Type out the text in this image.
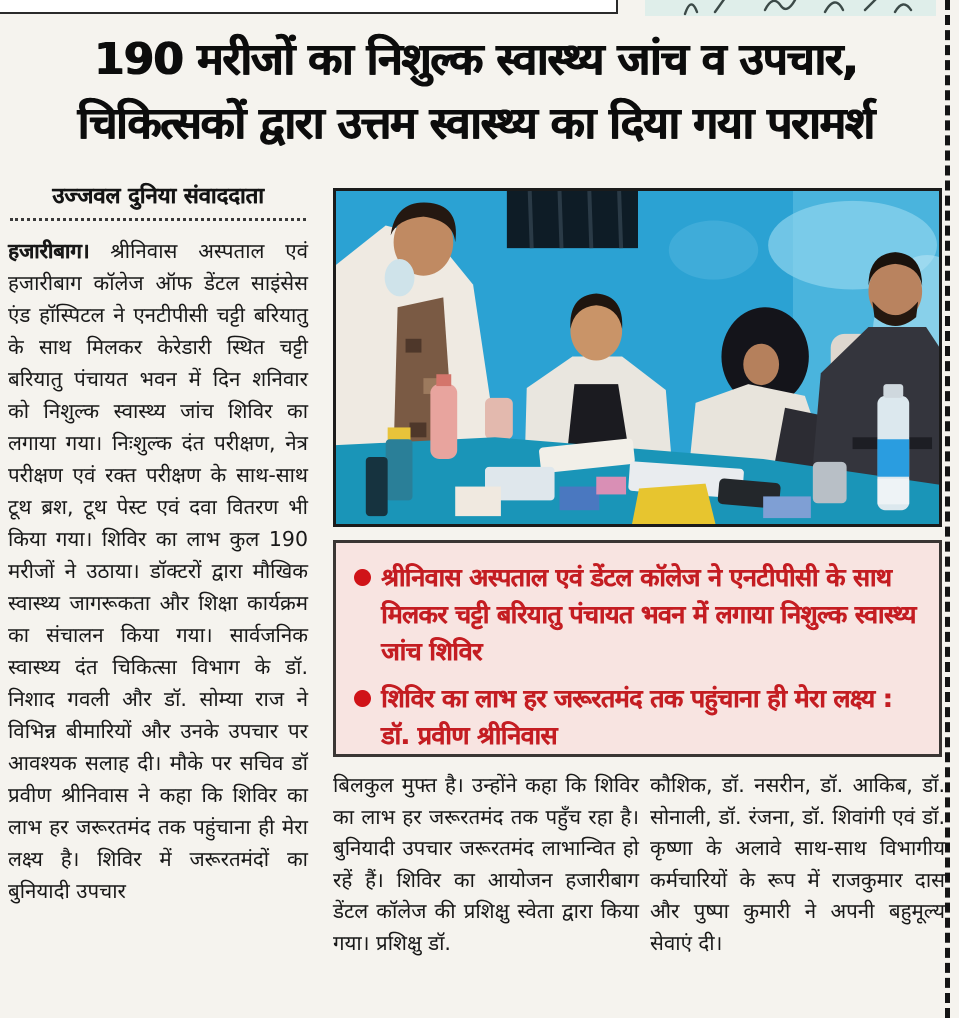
190 मरीजों का निशुल्क स्वास्थ्य जांच व उपचार,
चिकित्सकों द्वारा उत्तम स्वास्थ्य का दिया गया परामर्श
उज्जवल दुनिया संवाददाता
हजारीबाग। श्रीनिवास अस्पताल एवं हजारीबाग कॉलेज ऑफ डेंटल साइंसेस एंड हॉस्पिटल ने एनटीपीसी चट्टी बरियातु के साथ मिलकर केरेडारी स्थित चट्टी बरियातु पंचायत भवन में दिन शनिवार को निशुल्क स्वास्थ्य जांच शिविर का लगाया गया। निःशुल्क दंत परीक्षण, नेत्र परीक्षण एवं रक्त परीक्षण के साथ-साथ टूथ ब्रश, टूथ पेस्ट एवं दवा वितरण भी किया गया। शिविर का लाभ कुल 190 मरीजों ने उठाया। डॉक्टरों द्वारा मौखिक स्वास्थ्य जागरूकता और शिक्षा कार्यक्रम का संचालन किया गया। सार्वजनिक स्वास्थ्य दंत चिकित्सा विभाग के डॉ. निशाद गवली और डॉ. सोम्या राज ने विभिन्न बीमारियों और उनके उपचार पर आवश्यक सलाह दी। मौके पर सचिव डॉ प्रवीण श्रीनिवास ने कहा कि शिविर का लाभ हर जरूरतमंद तक पहुंचाना ही मेरा लक्ष्य है। शिविर में जरूरतमंदों का बुनियादी उपचार
श्रीनिवास अस्पताल एवं डेंटल कॉलेज ने एनटीपीसी के साथ मिलकर चट्टी बरियातु पंचायत भवन में लगाया निशुल्क स्वास्थ्य जांच शिविर
शिविर का लाभ हर जरूरतमंद तक पहुंचाना ही मेरा लक्ष्य : डॉ. प्रवीण श्रीनिवास
बिलकुल मुफ्त है। उन्होंने कहा कि शिविर का लाभ हर जरूरतमंद तक पहुँच रहा है। बुनियादी उपचार जरूरतमंद लाभान्वित हो रहें हैं। शिविर का आयोजन हजारीबाग डेंटल कॉलेज की प्रशिक्षु स्वेता द्वारा किया गया। प्रशिक्षु डॉ.
कौशिक, डॉ. नसरीन, डॉ. आकिब, डॉ. सोनाली, डॉ. रंजना, डॉ. शिवांगी एवं डॉ. कृष्णा के अलावे साथ-साथ विभागीय कर्मचारियों के रूप में राजकुमार दास और पुष्पा कुमारी ने अपनी बहुमूल्य सेवाएं दी।
